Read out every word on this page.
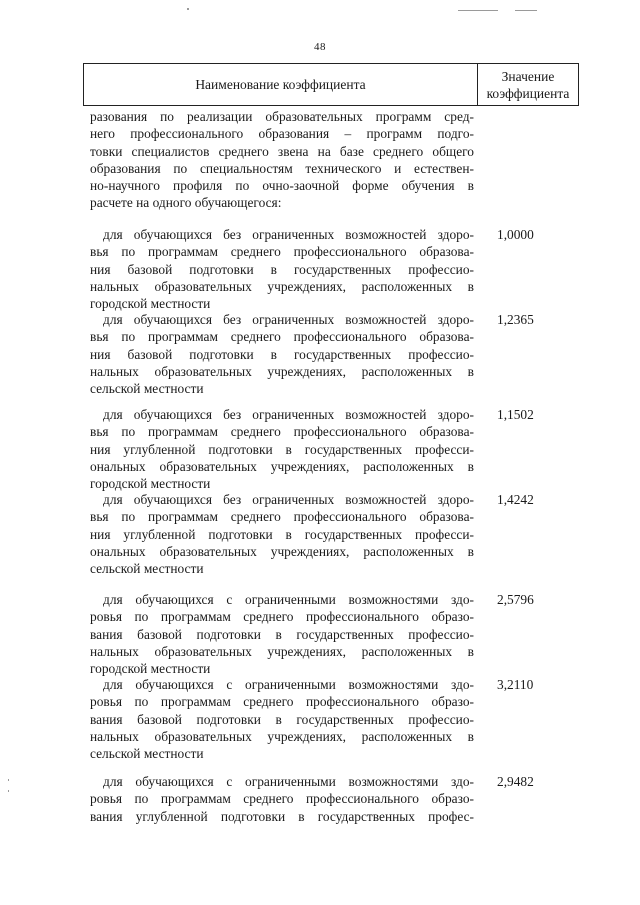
48
Наименование коэффициента
Значение
коэффициента
разования по реализации образовательных программ сред-
него профессионального образования – программ подго-
товки специалистов среднего звена на базе среднего общего
образования по специальностям технического и естествен-
но-научного профиля по очно-заочной форме обучения в
расчете на одного обучающегося:
для обучающихся без ограниченных возможностей здоро-
вья по программам среднего профессионального образова-
ния базовой подготовки в государственных профессио-
нальных образовательных учреждениях, расположенных в
городской местности
1,0000
для обучающихся без ограниченных возможностей здоро-
вья по программам среднего профессионального образова-
ния базовой подготовки в государственных профессио-
нальных образовательных учреждениях, расположенных в
сельской местности
1,2365
для обучающихся без ограниченных возможностей здоро-
вья по программам среднего профессионального образова-
ния углубленной подготовки в государственных професси-
ональных образовательных учреждениях, расположенных в
городской местности
1,1502
для обучающихся без ограниченных возможностей здоро-
вья по программам среднего профессионального образова-
ния углубленной подготовки в государственных професси-
ональных образовательных учреждениях, расположенных в
сельской местности
1,4242
для обучающихся с ограниченными возможностями здо-
ровья по программам среднего профессионального образо-
вания базовой подготовки в государственных профессио-
нальных образовательных учреждениях, расположенных в
городской местности
2,5796
для обучающихся с ограниченными возможностями здо-
ровья по программам среднего профессионального образо-
вания базовой подготовки в государственных профессио-
нальных образовательных учреждениях, расположенных в
сельской местности
3,2110
для обучающихся с ограниченными возможностями здо-
ровья по программам среднего профессионального образо-
вания углубленной подготовки в государственных профес-
2,9482
